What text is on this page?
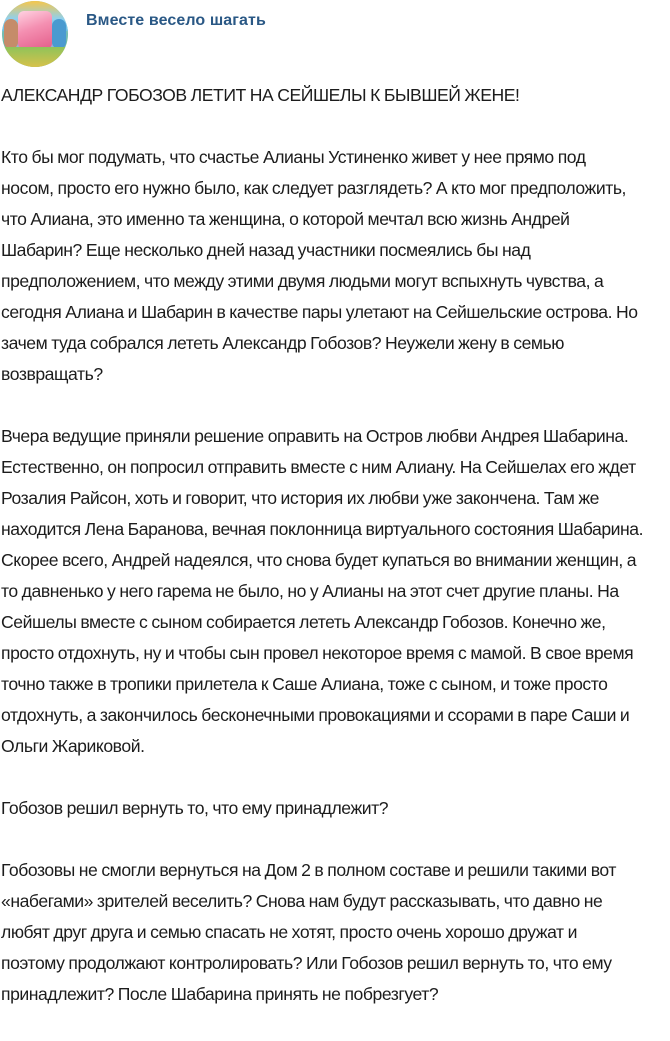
Вместе весело шагать

АЛЕКСАНДР ГОБОЗОВ ЛЕТИТ НА СЕЙШЕЛЫ К БЫВШЕЙ ЖЕНЕ!

Кто бы мог подумать, что счастье Алианы Устиненко живет у нее прямо под
носом, просто его нужно было, как следует разглядеть? А кто мог предположить,
что Алиана, это именно та женщина, о которой мечтал всю жизнь Андрей
Шабарин? Еще несколько дней назад участники посмеялись бы над
предположением, что между этими двумя людьми могут вспыхнуть чувства, а
сегодня Алиана и Шабарин в качестве пары улетают на Сейшельские острова. Но
зачем туда собрался лететь Александр Гобозов? Неужели жену в семью
возвращать?

Вчера ведущие приняли решение оправить на Остров любви Андрея Шабарина.
Естественно, он попросил отправить вместе с ним Алиану. На Сейшелах его ждет
Розалия Райсон, хоть и говорит, что история их любви уже закончена. Там же
находится Лена Баранова, вечная поклонница виртуального состояния Шабарина.
Скорее всего, Андрей надеялся, что снова будет купаться во внимании женщин, а
то давненько у него гарема не было, но у Алианы на этот счет другие планы. На
Сейшелы вместе с сыном собирается лететь Александр Гобозов. Конечно же,
просто отдохнуть, ну и чтобы сын провел некоторое время с мамой. В свое время
точно также в тропики прилетела к Саше Алиана, тоже с сыном, и тоже просто
отдохнуть, а закончилось бесконечными провокациями и ссорами в паре Саши и
Ольги Жариковой.

Гобозов решил вернуть то, что ему принадлежит?

Гобозовы не смогли вернуться на Дом 2 в полном составе и решили такими вот
«набегами» зрителей веселить? Снова нам будут рассказывать, что давно не
любят друг друга и семью спасать не хотят, просто очень хорошо дружат и
поэтому продолжают контролировать? Или Гобозов решил вернуть то, что ему
принадлежит? После Шабарина принять не побрезгует?
